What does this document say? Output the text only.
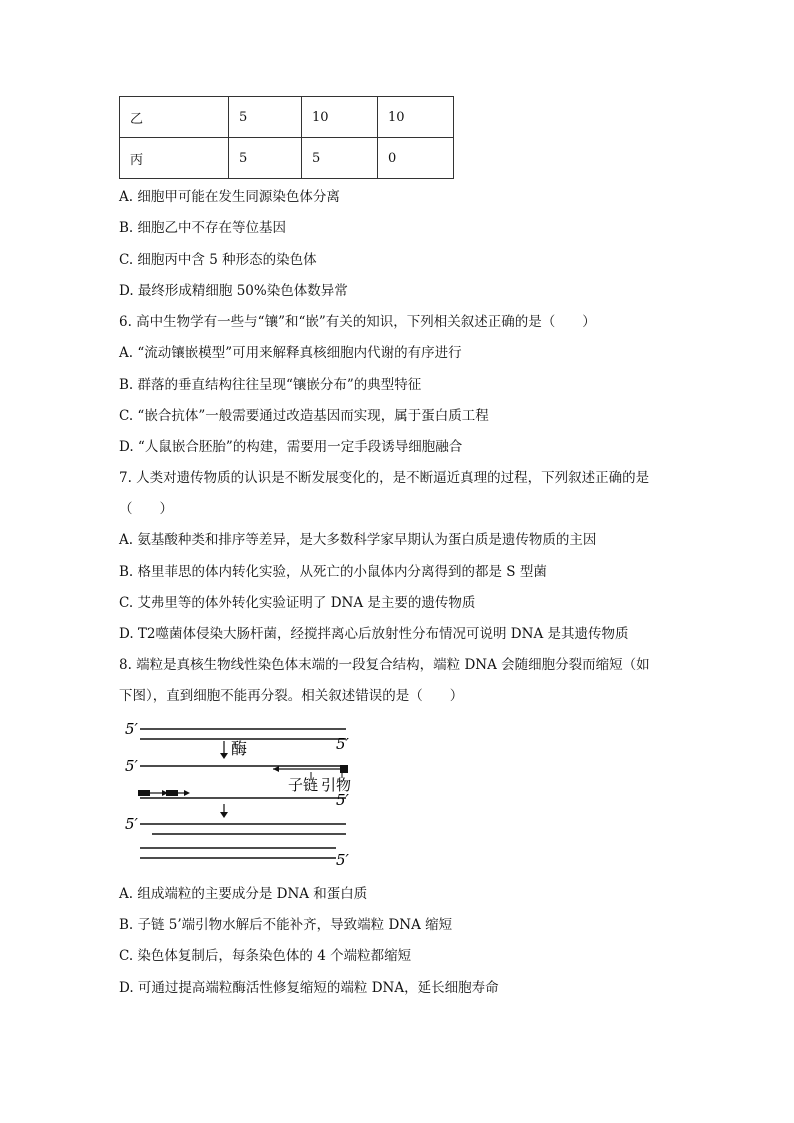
乙	5	10	10
丙	5	5	0
A. 细胞甲可能在发生同源染色体分离
B. 细胞乙中不存在等位基因
C. 细胞丙中含 5 种形态的染色体
D. 最终形成精细胞 50%染色体数异常
6. 高中生物学有一些与“镶”和“嵌”有关的知识，下列相关叙述正确的是（　　）
A. “流动镶嵌模型”可用来解释真核细胞内代谢的有序进行
B. 群落的垂直结构往往呈现“镶嵌分布”的典型特征
C. “嵌合抗体”一般需要通过改造基因而实现，属于蛋白质工程
D. “人鼠嵌合胚胎”的构建，需要用一定手段诱导细胞融合
7. 人类对遗传物质的认识是不断发展变化的，是不断逼近真理的过程，下列叙述正确的是
（　　）
A. 氨基酸种类和排序等差异，是大多数科学家早期认为蛋白质是遗传物质的主因
B. 格里菲思的体内转化实验，从死亡的小鼠体内分离得到的都是 S 型菌
C. 艾弗里等的体外转化实验证明了 DNA 是主要的遗传物质
D. T2噬菌体侵染大肠杆菌，经搅拌离心后放射性分布情况可说明 DNA 是其遗传物质
8. 端粒是真核生物线性染色体末端的一段复合结构，端粒 DNA 会随细胞分裂而缩短（如
下图），直到细胞不能再分裂。相关叙述错误的是（　　）
5′
5′
酶
5′
子链 引物
5′
5′
5′
A. 组成端粒的主要成分是 DNA 和蛋白质
B. 子链 5’端引物水解后不能补齐，导致端粒 DNA 缩短
C. 染色体复制后，每条染色体的 4 个端粒都缩短
D. 可通过提高端粒酶活性修复缩短的端粒 DNA，延长细胞寿命
